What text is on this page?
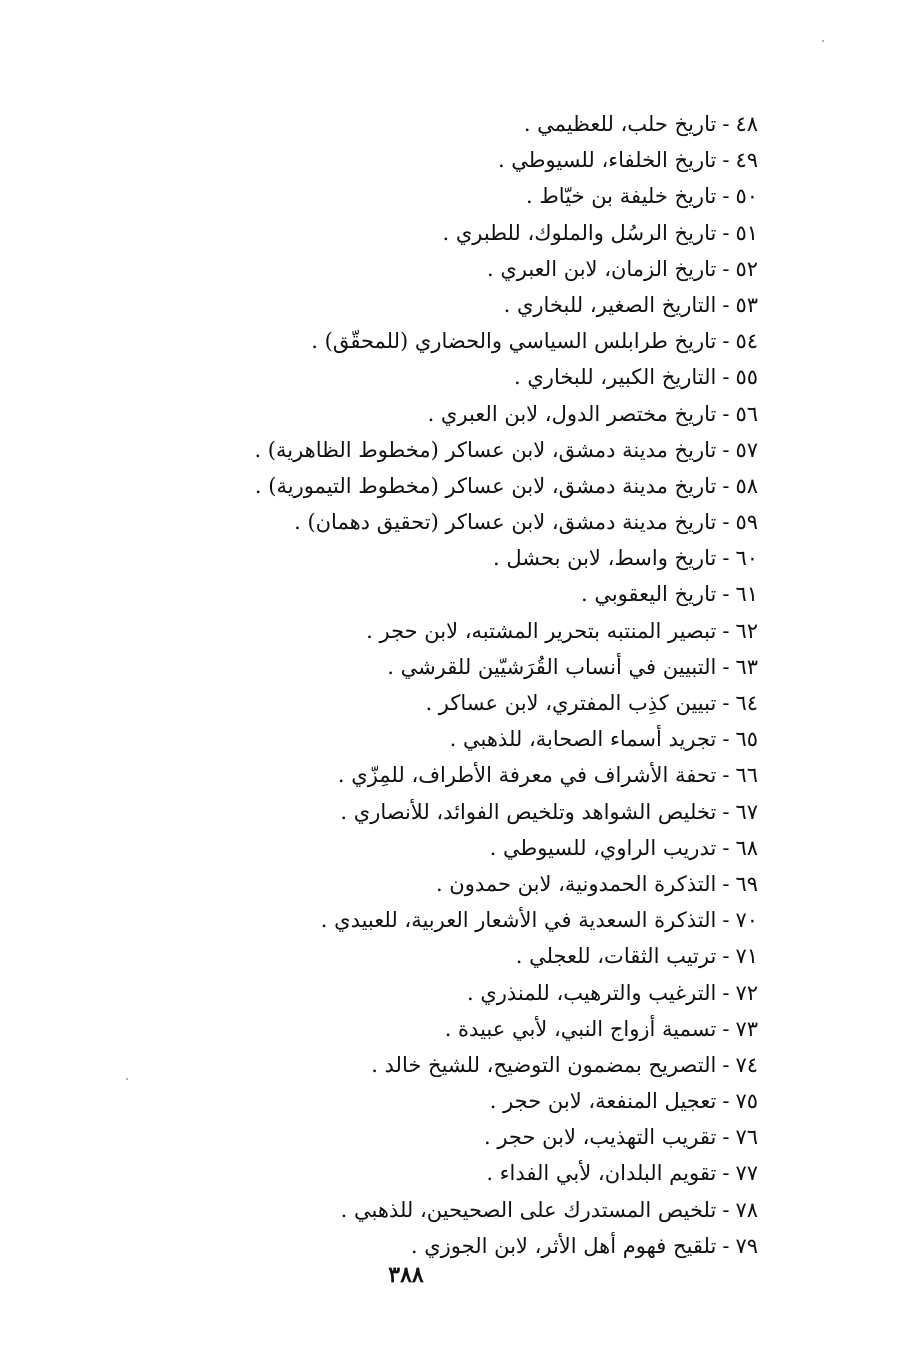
٤٨-تاريخ حلب، للعظيمي .
٤٩-تاريخ الخلفاء، للسيوطي .
٥٠-تاريخ خليفة بن خيّاط .
٥١-تاريخ الرسُل والملوك، للطبري .
٥٢-تاريخ الزمان، لابن العبري .
٥٣-التاريخ الصغير، للبخاري .
٥٤-تاريخ طرابلس السياسي والحضاري (للمحقّق) .
٥٥-التاريخ الكبير، للبخاري .
٥٦-تاريخ مختصر الدول، لابن العبري .
٥٧-تاريخ مدينة دمشق، لابن عساكر (مخطوط الظاهرية) .
٥٨-تاريخ مدينة دمشق، لابن عساكر (مخطوط التيمورية) .
٥٩-تاريخ مدينة دمشق، لابن عساكر (تحقيق دهمان) .
٦٠-تاريخ واسط، لابن بحشل .
٦١-تاريخ اليعقوبي .
٦٢-تبصير المنتبه بتحرير المشتبه، لابن حجر .
٦٣-التبيين في أنساب القُرَشيّين للقرشي .
٦٤-تبيين كذِب المفتري، لابن عساكر .
٦٥-تجريد أسماء الصحابة، للذهبي .
٦٦-تحفة الأشراف في معرفة الأطراف، للمِزّي .
٦٧-تخليص الشواهد وتلخيص الفوائد، للأنصاري .
٦٨-تدريب الراوي، للسيوطي .
٦٩-التذكرة الحمدونية، لابن حمدون .
٧٠-التذكرة السعدية في الأشعار العربية، للعبيدي .
٧١-ترتيب الثقات، للعجلي .
٧٢-الترغيب والترهيب، للمنذري .
٧٣-تسمية أزواج النبي، لأبي عبيدة .
٧٤-التصريح بمضمون التوضيح، للشيخ خالد .
٧٥-تعجيل المنفعة، لابن حجر .
٧٦-تقريب التهذيب، لابن حجر .
٧٧-تقويم البلدان، لأبي الفداء .
٧٨-تلخيص المستدرك على الصحيحين، للذهبي .
٧٩-تلقيح فهوم أهل الأثر، لابن الجوزي .
٣٨٨
